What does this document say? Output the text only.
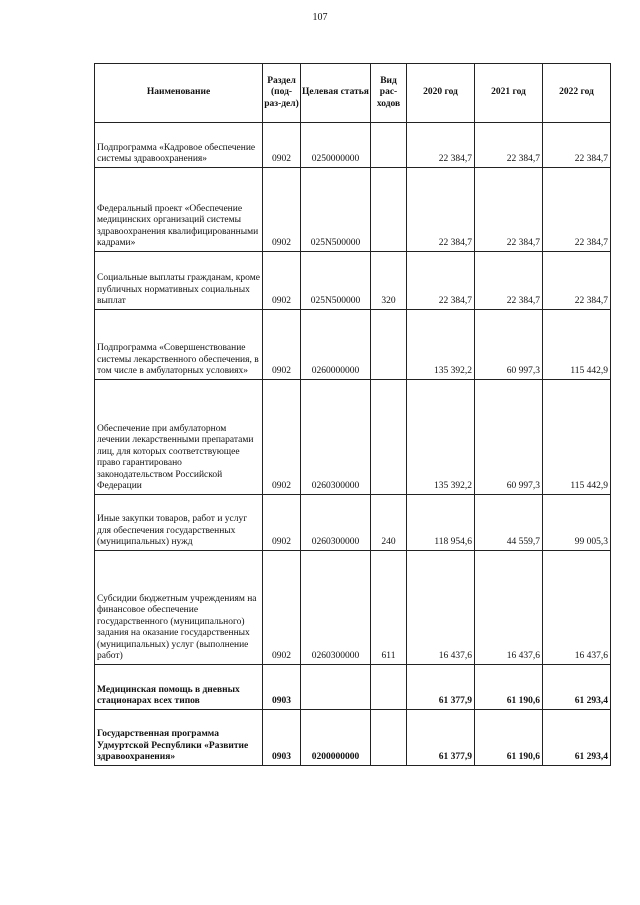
107
Наименование	Раздел (под-раз-дел)	Целевая статья	Вид рас-ходов	2020 год	2021 год	2022 год
Подпрограмма «Кадровое обеспечение системы здравоохранения»	0902	0250000000		22 384,7	22 384,7	22 384,7
Федеральный проект «Обеспечение медицинских организаций системы здравоохранения квалифицированными кадрами»	0902	025N500000		22 384,7	22 384,7	22 384,7
Социальные выплаты гражданам, кроме публичных нормативных социальных выплат	0902	025N500000	320	22 384,7	22 384,7	22 384,7
Подпрограмма «Совершенствование системы лекарственного обеспечения, в том числе в амбулаторных условиях»	0902	0260000000		135 392,2	60 997,3	115 442,9
Обеспечение при амбулаторном лечении лекарственными препаратами лиц, для которых соответствующее право гарантировано законодательством Российской Федерации	0902	0260300000		135 392,2	60 997,3	115 442,9
Иные закупки товаров, работ и услуг для обеспечения государственных (муниципальных) нужд	0902	0260300000	240	118 954,6	44 559,7	99 005,3
Субсидии бюджетным учреждениям на финансовое обеспечение государственного (муниципального) задания на оказание государственных (муниципальных) услуг (выполнение работ)	0902	0260300000	611	16 437,6	16 437,6	16 437,6
Медицинская помощь в дневных стационарах всех типов	0903			61 377,9	61 190,6	61 293,4
Государственная программа Удмуртской Республики «Развитие здравоохранения»	0903	0200000000		61 377,9	61 190,6	61 293,4
